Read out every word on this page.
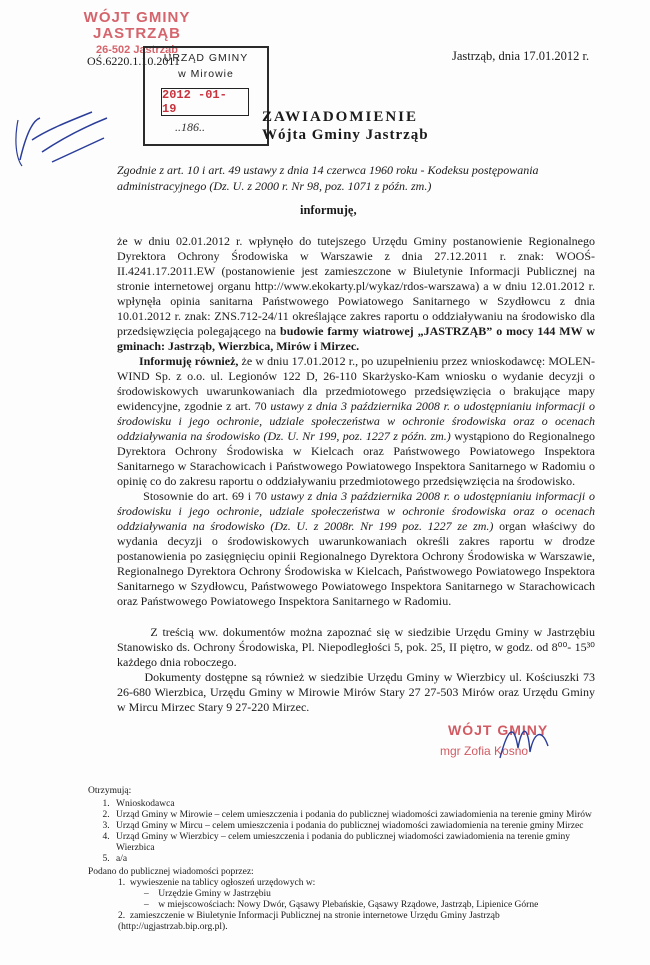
WÓJT GMINY
JASTRZĄB
26-502 Jastrząb
OŚ.6220.1.10.2011
URZĄD GMINY
w Mirowie
2012 -01- 19
..186..
Jastrząb, dnia 17.01.2012 r.
ZAWIADOMIENIE
Wójta Gminy Jastrząb
Zgodnie z art. 10 i art. 49 ustawy z dnia 14 czerwca 1960 roku - Kodeksu postępowania administracyjnego (Dz. U. z 2000 r. Nr 98, poz. 1071 z późn. zm.)
informuję,

że w dniu 02.01.2012 r. wpłynęło do tutejszego Urzędu Gminy postanowienie Regionalnego Dyrektora Ochrony Środowiska w Warszawie z dnia 27.12.2011 r. znak: WOOŚ-II.4241.17.2011.EW (postanowienie jest zamieszczone w Biuletynie Informacji Publicznej na stronie internetowej organu http://www.ekokarty.pl/wykaz/rdos-warszawa) a w dniu 12.01.2012 r. wpłynęła opinia sanitarna Państwowego Powiatowego Sanitarnego w Szydłowcu z dnia 10.01.2012 r. znak: ZNS.712-24/11 określające zakres raportu o oddziaływaniu na środowisko dla przedsięwzięcia polegającego na budowie farmy wiatrowej „JASTRZĄB” o mocy 144 MW w gminach: Jastrząb, Wierzbica, Mirów i Mirzec.

Informuję również, że w dniu 17.01.2012 r., po uzupełnieniu przez wnioskodawcę: MOLEN-WIND Sp. z o.o. ul. Legionów 122 D, 26-110 Skarżysko-Kam wniosku o wydanie decyzji o środowiskowych uwarunkowaniach dla przedmiotowego przedsięwzięcia o brakujące mapy ewidencyjne, zgodnie z art. 70 ustawy z dnia 3 października 2008 r. o udostępnianiu informacji o środowisku i jego ochronie, udziale społeczeństwa w ochronie środowiska oraz o ocenach oddziaływania na środowisko (Dz. U. Nr 199, poz. 1227 z późn. zm.) wystąpiono do Regionalnego Dyrektora Ochrony Środowiska w Kielcach oraz Państwowego Powiatowego Inspektora Sanitarnego w Starachowicach i Państwowego Powiatowego Inspektora Sanitarnego w Radomiu o opinię co do zakresu raportu o oddziaływaniu przedmiotowego przedsięwzięcia na środowisko.

Stosownie do art. 69 i 70 ustawy z dnia 3 października 2008 r. o udostępnianiu informacji o środowisku i jego ochronie, udziale społeczeństwa w ochronie środowiska oraz o ocenach oddziaływania na środowisko (Dz. U. z 2008r. Nr 199 poz. 1227 ze zm.) organ właściwy do wydania decyzji o środowiskowych uwarunkowaniach określi zakres raportu w drodze postanowienia po zasięgnięciu opinii Regionalnego Dyrektora Ochrony Środowiska w Warszawie, Regionalnego Dyrektora Ochrony Środowiska w Kielcach, Państwowego Powiatowego Inspektora Sanitarnego w Szydłowcu, Państwowego Powiatowego Inspektora Sanitarnego w Starachowicach oraz Państwowego Powiatowego Inspektora Sanitarnego w Radomiu.

Z treścią ww. dokumentów można zapoznać się w siedzibie Urzędu Gminy w Jastrzębiu Stanowisko ds. Ochrony Środowiska, Pl. Niepodległości 5, pok. 25, II piętro, w godz. od 8⁰⁰- 15³⁰ każdego dnia roboczego.

Dokumenty dostępne są również w siedzibie Urzędu Gminy w Wierzbicy ul. Kościuszki 73 26-680 Wierzbica, Urzędu Gminy w Mirowie Mirów Stary 27 27-503 Mirów oraz Urzędu Gminy w Mircu Mirzec Stary 9 27-220 Mirzec.

WÓJT GMINY
mgr Zofia Kosno
Otrzymują:
1. Wnioskodawca
2. Urząd Gminy w Mirowie – celem umieszczenia i podania do publicznej wiadomości zawiadomienia na terenie gminy Mirów
3. Urząd Gminy w Mircu – celem umieszczenia i podania do publicznej wiadomości zawiadomienia na terenie gminy Mirzec
4. Urząd Gminy w Wierzbicy – celem umieszczenia i podania do publicznej wiadomości zawiadomienia na terenie gminy Wierzbica
5. a/a
Podano do publicznej wiadomości poprzez:
1.  wywieszenie na tablicy ogłoszeń urzędowych w:
–    Urzędzie Gminy w Jastrzębiu
–    w miejscowościach: Nowy Dwór, Gąsawy Plebańskie, Gąsawy Rządowe, Jastrząb, Lipienice Górne
2.  zamieszczenie w Biuletynie Informacji Publicznej na stronie internetowe Urzędu Gminy Jastrząb (http://ugjastrzab.bip.org.pl).
